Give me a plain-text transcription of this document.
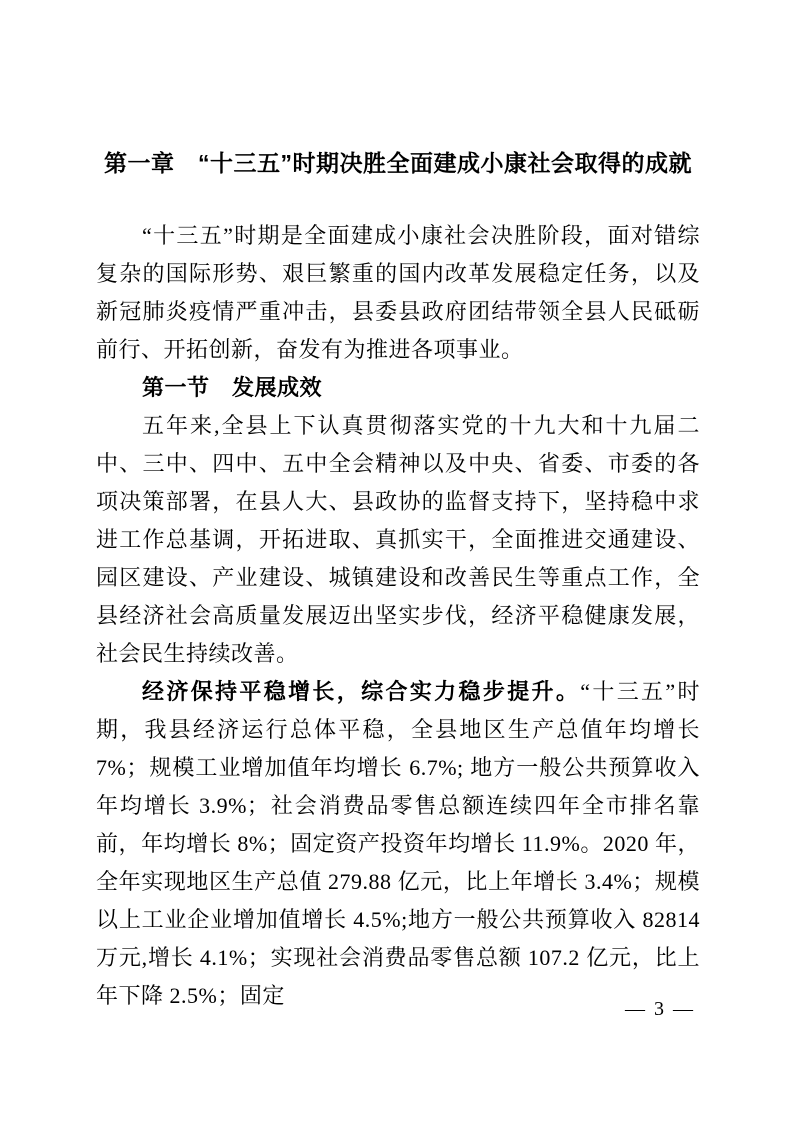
第一章　“十三五”时期决胜全面建成小康社会取得的成就

“十三五”时期是全面建成小康社会决胜阶段，面对错综复杂的国际形势、艰巨繁重的国内改革发展稳定任务，以及新冠肺炎疫情严重冲击，县委县政府团结带领全县人民砥砺前行、开拓创新，奋发有为推进各项事业。

第一节　发展成效

五年来,全县上下认真贯彻落实党的十九大和十九届二中、三中、四中、五中全会精神以及中央、省委、市委的各项决策部署，在县人大、县政协的监督支持下，坚持稳中求进工作总基调，开拓进取、真抓实干，全面推进交通建设、园区建设、产业建设、城镇建设和改善民生等重点工作，全县经济社会高质量发展迈出坚实步伐，经济平稳健康发展，社会民生持续改善。

经济保持平稳增长，综合实力稳步提升。“十三五”时期，我县经济运行总体平稳，全县地区生产总值年均增长 7%；规模工业增加值年均增长 6.7%; 地方一般公共预算收入年均增长 3.9%；社会消费品零售总额连续四年全市排名靠前，年均增长 8%；固定资产投资年均增长 11.9%。2020 年，全年实现地区生产总值 279.88 亿元，比上年增长 3.4%；规模以上工业企业增加值增长 4.5%;地方一般公共预算收入 82814 万元,增长 4.1%；实现社会消费品零售总额 107.2 亿元，比上年下降 2.5%；固定

— 3 —
